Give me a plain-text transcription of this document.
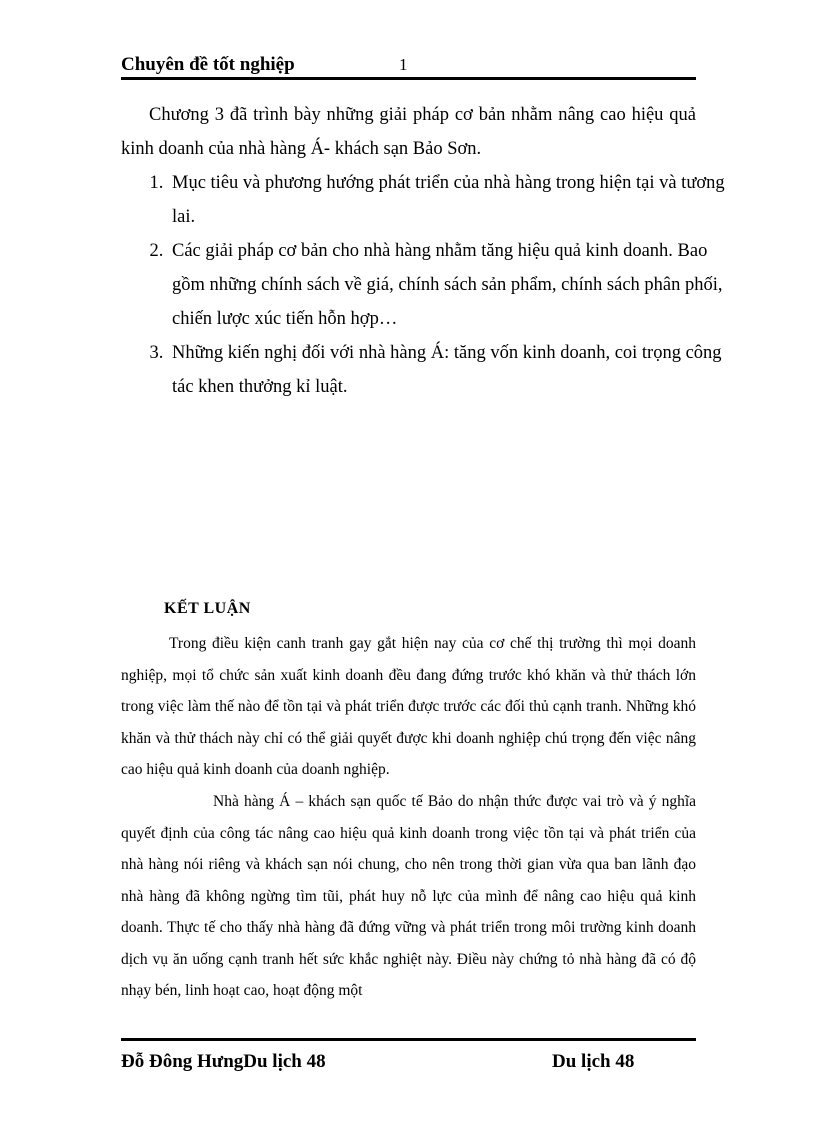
Chuyên đề tốt nghiệp	1

Chương 3 đã trình bày những giải pháp cơ bản nhằm nâng cao hiệu quả kinh doanh của nhà hàng Á- khách sạn Bảo Sơn.

1. Mục tiêu và phương hướng phát triển của nhà hàng trong hiện tại và tương lai.
2. Các giải pháp cơ bản cho nhà hàng nhằm tăng hiệu quả kinh doanh. Bao gồm những chính sách về giá, chính sách sản phẩm, chính sách phân phối, chiến lược xúc tiến hỗn hợp…
3. Những kiến nghị đối với nhà hàng Á: tăng vốn kinh doanh, coi trọng công tác khen thưởng kỉ luật.
KẾT LUẬN

Trong điều kiện canh tranh gay gắt hiện nay của cơ chế thị trường thì mọi doanh nghiệp, mọi tổ chức sản xuất kinh doanh đều đang đứng trước khó khăn và thử thách lớn trong việc làm thế nào để tồn tại và phát triển được trước các đối thủ cạnh tranh. Những khó khăn và thử thách này chỉ có thể giải quyết được khi doanh nghiệp chú trọng đến việc nâng cao hiệu quả kinh doanh của doanh nghiệp.

Nhà hàng Á – khách sạn quốc tế Bảo do nhận thức được vai trò và ý nghĩa quyết định của công tác nâng cao hiệu quả kinh doanh trong việc tồn tại và phát triển của nhà hàng nói riêng và khách sạn nói chung, cho nên trong thời gian vừa qua ban lãnh đạo nhà hàng đã không ngừng tìm tũi, phát huy nỗ lực của mình để nâng cao hiệu quả kinh doanh. Thực tế cho thấy nhà hàng đã đứng vững và phát triển trong môi trường kinh doanh dịch vụ ăn uống cạnh tranh hết sức khắc nghiệt này. Điều này chứng tỏ nhà hàng đã có độ nhạy bén, linh hoạt cao, hoạt động một

Đỗ Đông HưngDu lịch 48	Du lịch 48
